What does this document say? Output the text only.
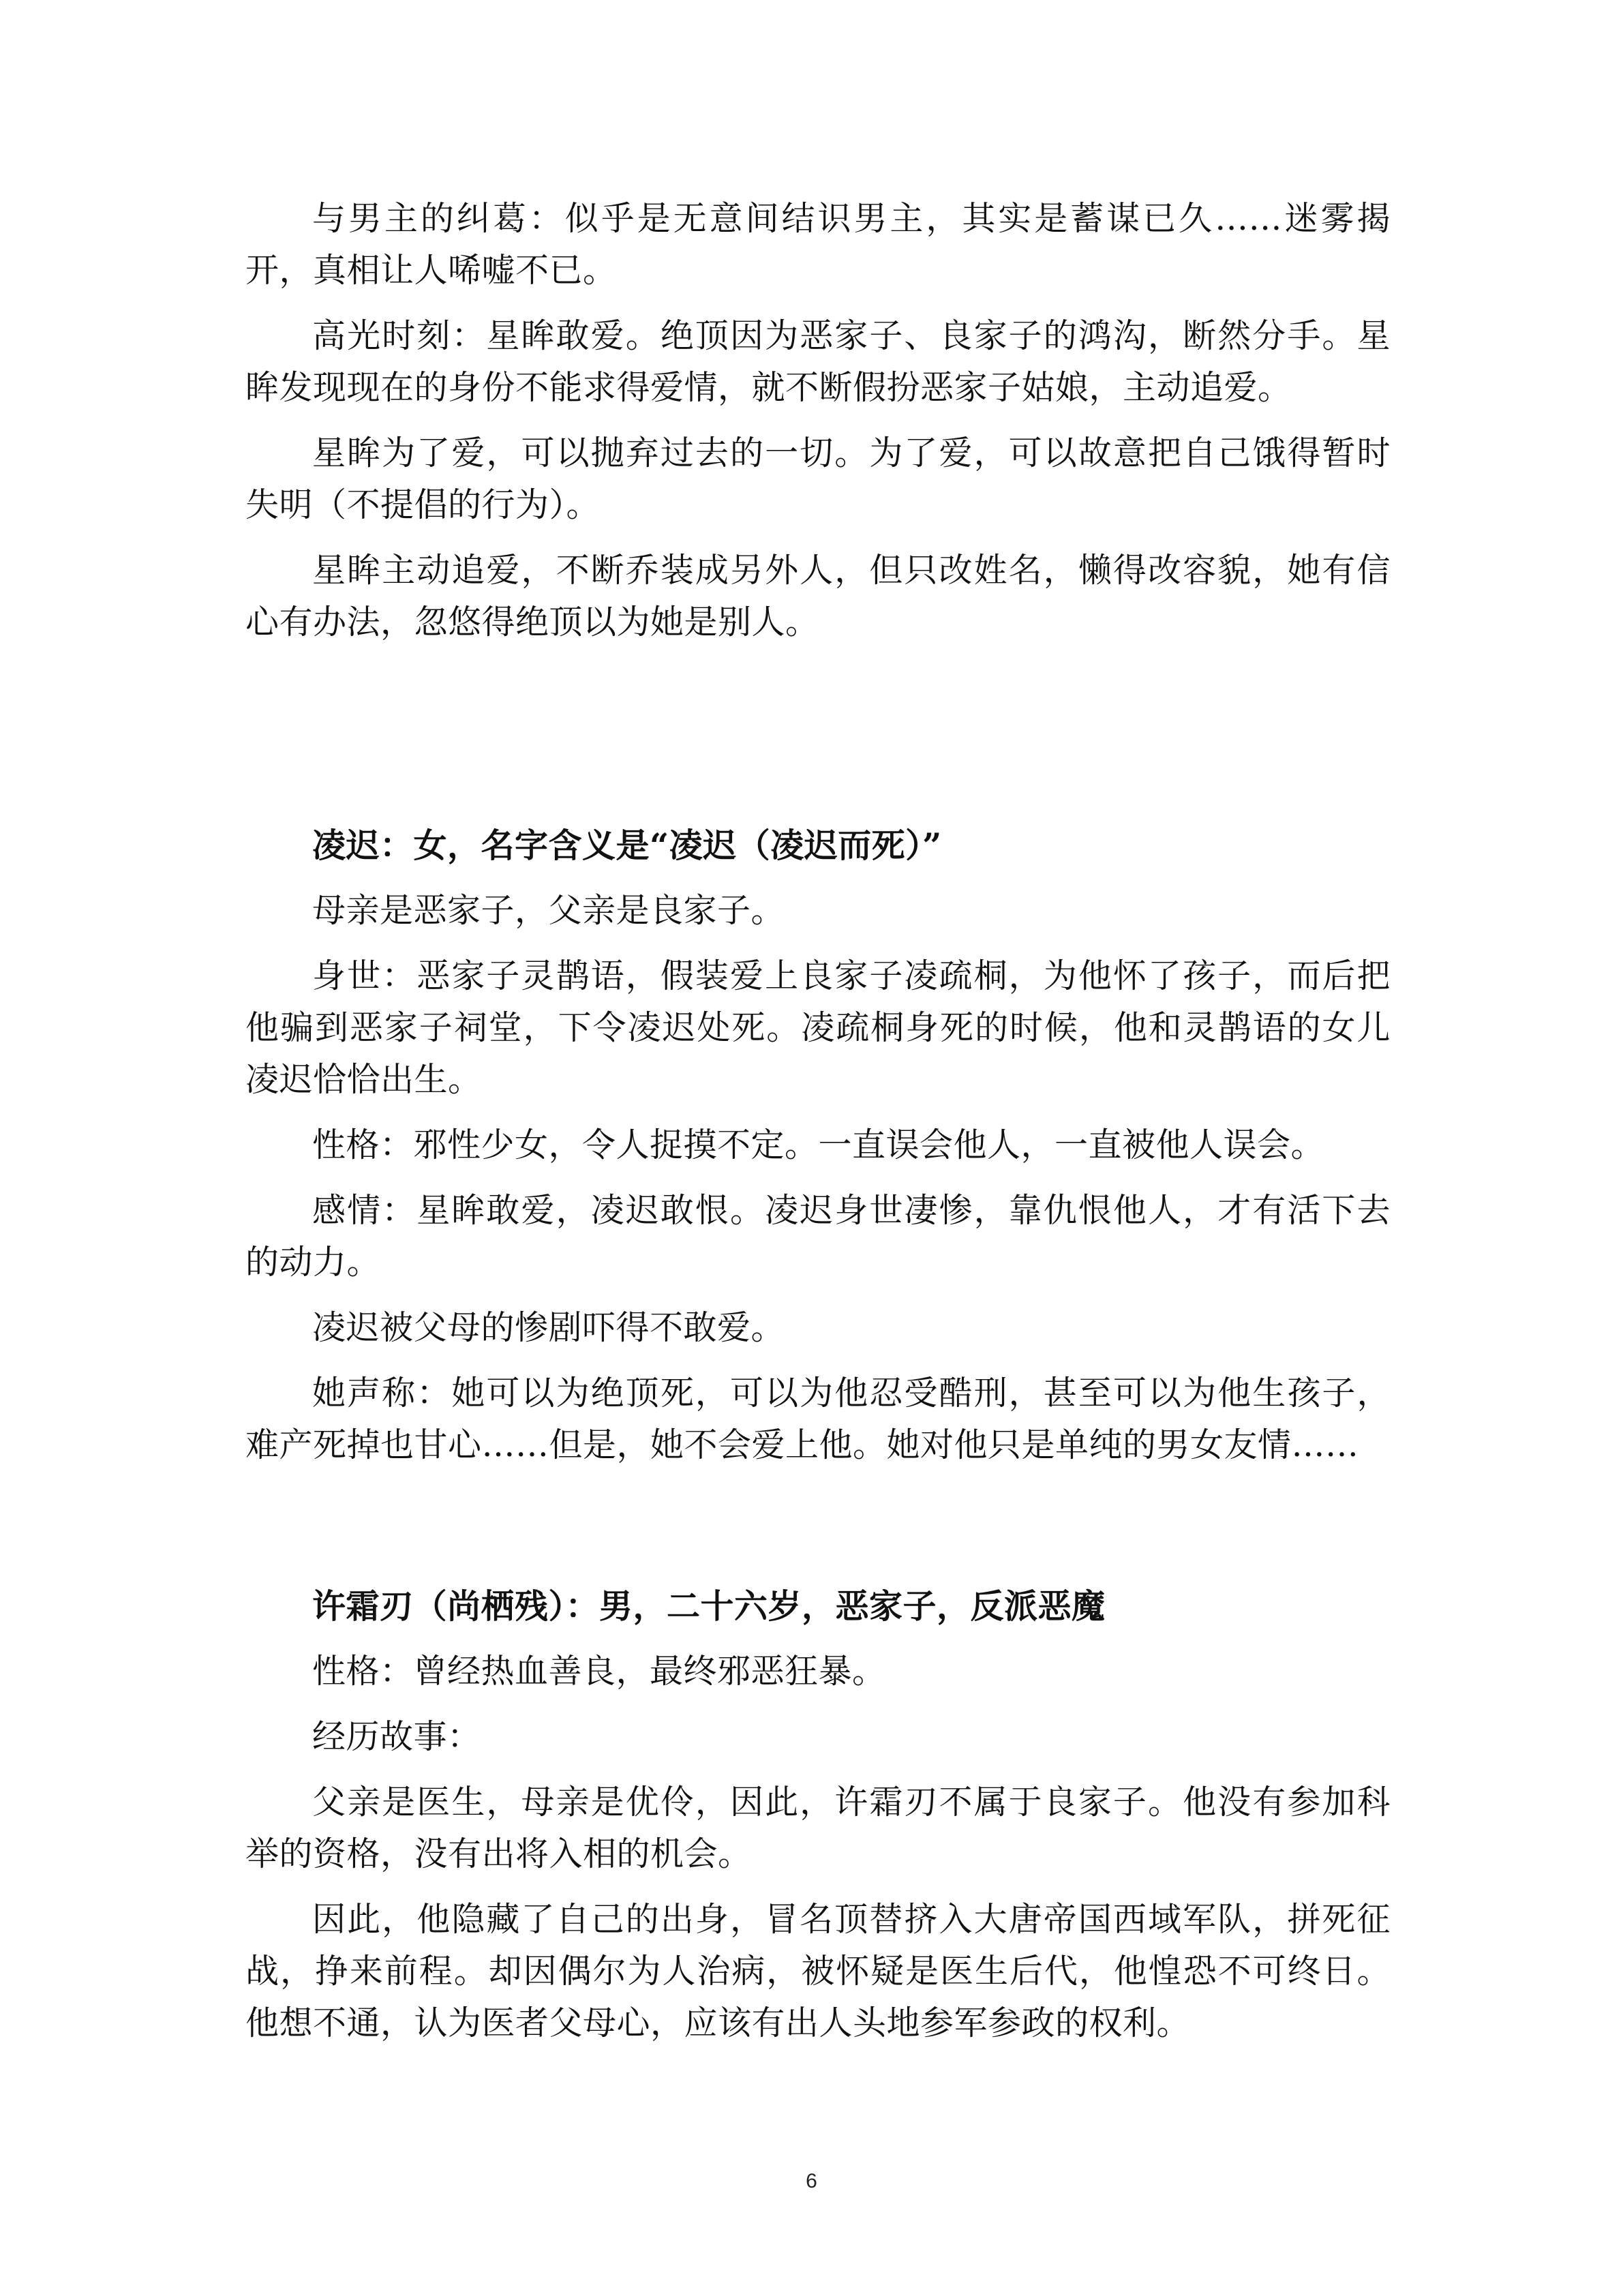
与男主的纠葛：似乎是无意间结识男主，其实是蓄谋已久……迷雾揭开，真相让人唏嘘不已。

高光时刻：星眸敢爱。绝顶因为恶家子、良家子的鸿沟，断然分手。星眸发现现在的身份不能求得爱情，就不断假扮恶家子姑娘，主动追爱。

星眸为了爱，可以抛弃过去的一切。为了爱，可以故意把自己饿得暂时失明（不提倡的行为）。

星眸主动追爱，不断乔装成另外人，但只改姓名，懒得改容貌，她有信心有办法，忽悠得绝顶以为她是别人。

凌迟：女，名字含义是“凌迟（凌迟而死）”

母亲是恶家子，父亲是良家子。

身世：恶家子灵鹊语，假装爱上良家子凌疏桐，为他怀了孩子，而后把他骗到恶家子祠堂，下令凌迟处死。凌疏桐身死的时候，他和灵鹊语的女儿凌迟恰恰出生。

性格：邪性少女，令人捉摸不定。一直误会他人，一直被他人误会。

感情：星眸敢爱，凌迟敢恨。凌迟身世凄惨，靠仇恨他人，才有活下去的动力。

凌迟被父母的惨剧吓得不敢爱。

她声称：她可以为绝顶死，可以为他忍受酷刑，甚至可以为他生孩子，难产死掉也甘心……但是，她不会爱上他。她对他只是单纯的男女友情……

许霜刃（尚栖残）：男，二十六岁，恶家子，反派恶魔

性格：曾经热血善良，最终邪恶狂暴。

经历故事：

父亲是医生，母亲是优伶，因此，许霜刃不属于良家子。他没有参加科举的资格，没有出将入相的机会。

因此，他隐藏了自己的出身，冒名顶替挤入大唐帝国西域军队，拼死征战，挣来前程。却因偶尔为人治病，被怀疑是医生后代，他惶恐不可终日。他想不通，认为医者父母心，应该有出人头地参军参政的权利。

6
